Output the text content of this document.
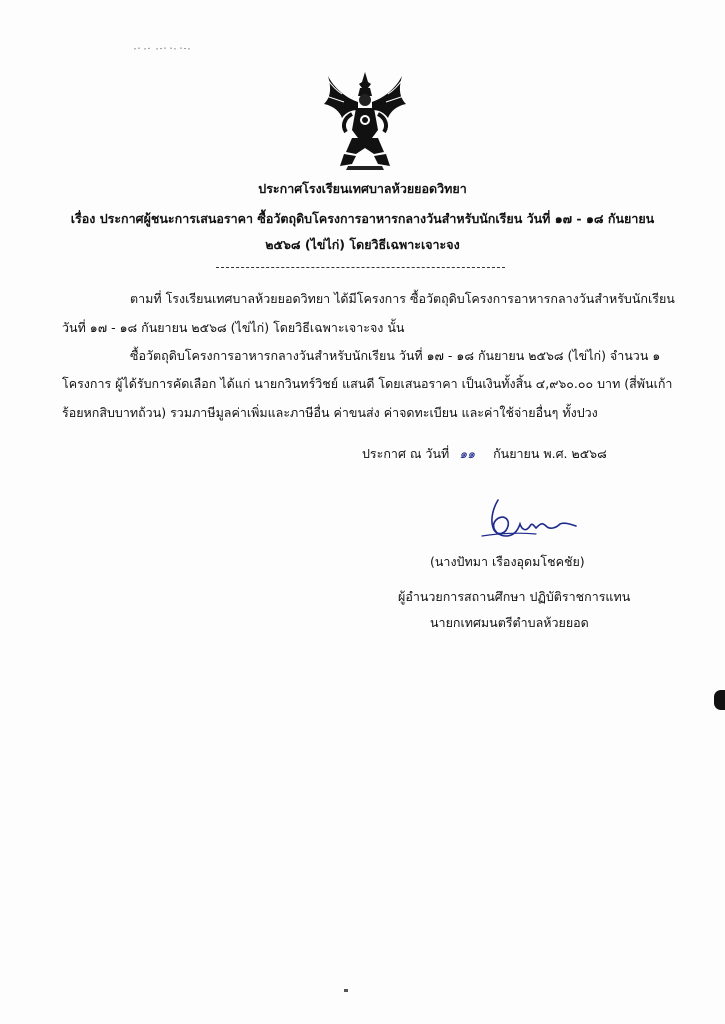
ประกาศโรงเรียนเทศบาลห้วยยอดวิทยา
เรื่อง ประกาศผู้ชนะการเสนอราคา ซื้อวัตถุดิบโครงการอาหารกลางวันสำหรับนักเรียน วันที่ ๑๗ - ๑๘ กันยายน
๒๕๖๘ (ไข่ไก่) โดยวิธีเฉพาะเจาะจง
ตามที่ โรงเรียนเทศบาลห้วยยอดวิทยา ได้มีโครงการ ซื้อวัตถุดิบโครงการอาหารกลางวันสำหรับนักเรียน
วันที่ ๑๗ - ๑๘ กันยายน ๒๕๖๘ (ไข่ไก่) โดยวิธีเฉพาะเจาะจง นั้น
ซื้อวัตถุดิบโครงการอาหารกลางวันสำหรับนักเรียน วันที่ ๑๗ - ๑๘ กันยายน ๒๕๖๘ (ไข่ไก่) จำนวน ๑
โครงการ ผู้ได้รับการคัดเลือก ได้แก่ นายกวินทร์วิชย์ แสนดี โดยเสนอราคา เป็นเงินทั้งสิ้น ๔,๙๖๐.๐๐ บาท (สี่พันเก้า
ร้อยหกสิบบาทถ้วน) รวมภาษีมูลค่าเพิ่มและภาษีอื่น ค่าขนส่ง ค่าจดทะเบียน และค่าใช้จ่ายอื่นๆ ทั้งปวง
ประกาศ ณ วันที่ ๑๑ กันยายน พ.ศ. ๒๕๖๘
(นางปัทมา เรืองอุดมโชคชัย)
ผู้อำนวยการสถานศึกษา ปฏิบัติราชการแทน
นายกเทศมนตรีตำบลห้วยยอด
